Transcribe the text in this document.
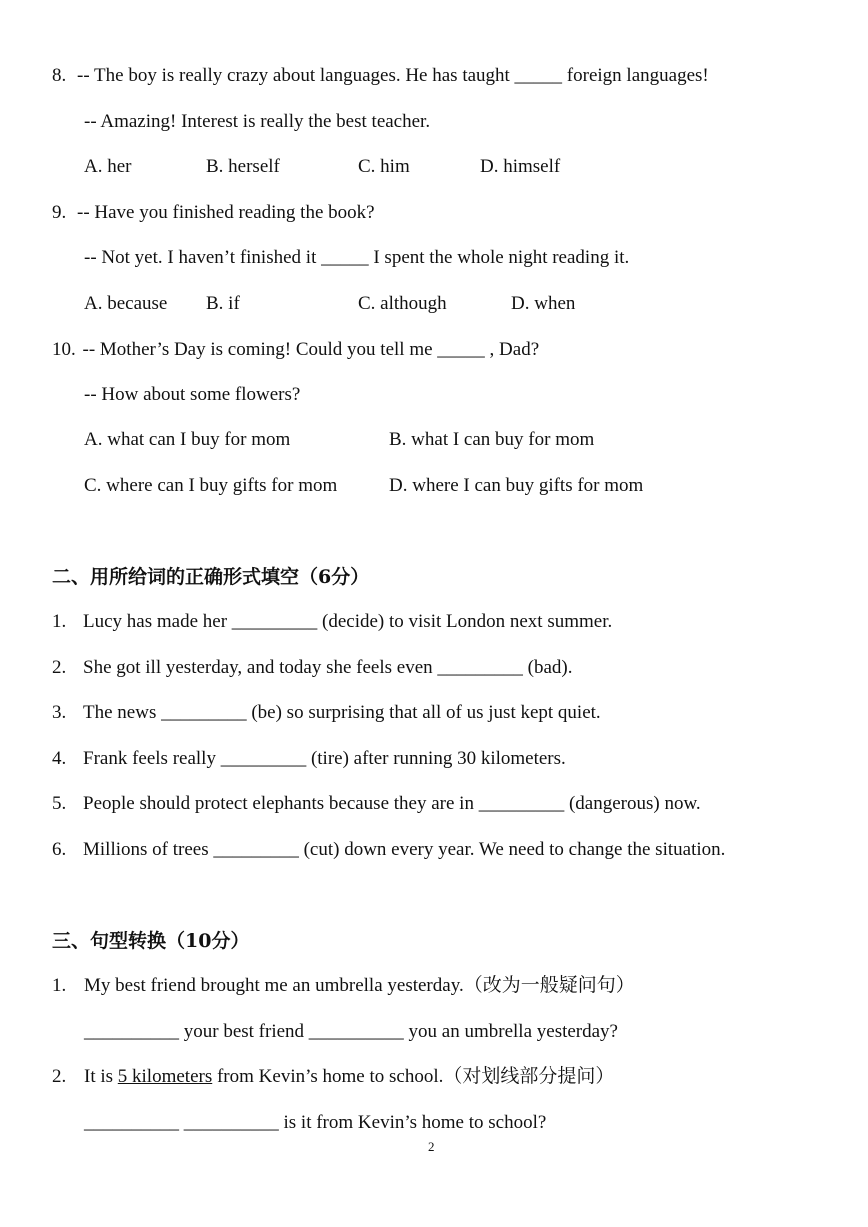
8. -- The boy is really crazy about languages. He has taught _____ foreign languages!
-- Amazing! Interest is really the best teacher.
A. her	B. herself	C. him	D. himself
9. -- Have you finished reading the book?
-- Not yet. I haven’t finished it _____ I spent the whole night reading it.
A. because B. if	C. although	D. when
10. -- Mother’s Day is coming! Could you tell me _____ , Dad?
-- How about some flowers?
A. what can I buy for mom	B. what I can buy for mom
C. where can I buy gifts for mom	D. where I can buy gifts for mom
二、用所给词的正确形式填空（6分）
1. Lucy has made her _________ (decide) to visit London next summer.
2. She got ill yesterday, and today she feels even _________ (bad).
3. The news _________ (be) so surprising that all of us just kept quiet.
4. Frank feels really _________ (tire) after running 30 kilometers.
5. People should protect elephants because they are in _________ (dangerous) now.
6. Millions of trees _________ (cut) down every year. We need to change the situation.
三、句型转换（10分）
1. My best friend brought me an umbrella yesterday.（改为一般疑问句）
__________ your best friend __________ you an umbrella yesterday?
2. It is 5 kilometers from Kevin’s home to school.（对划线部分提问）
__________ __________ is it from Kevin’s home to school?
2
